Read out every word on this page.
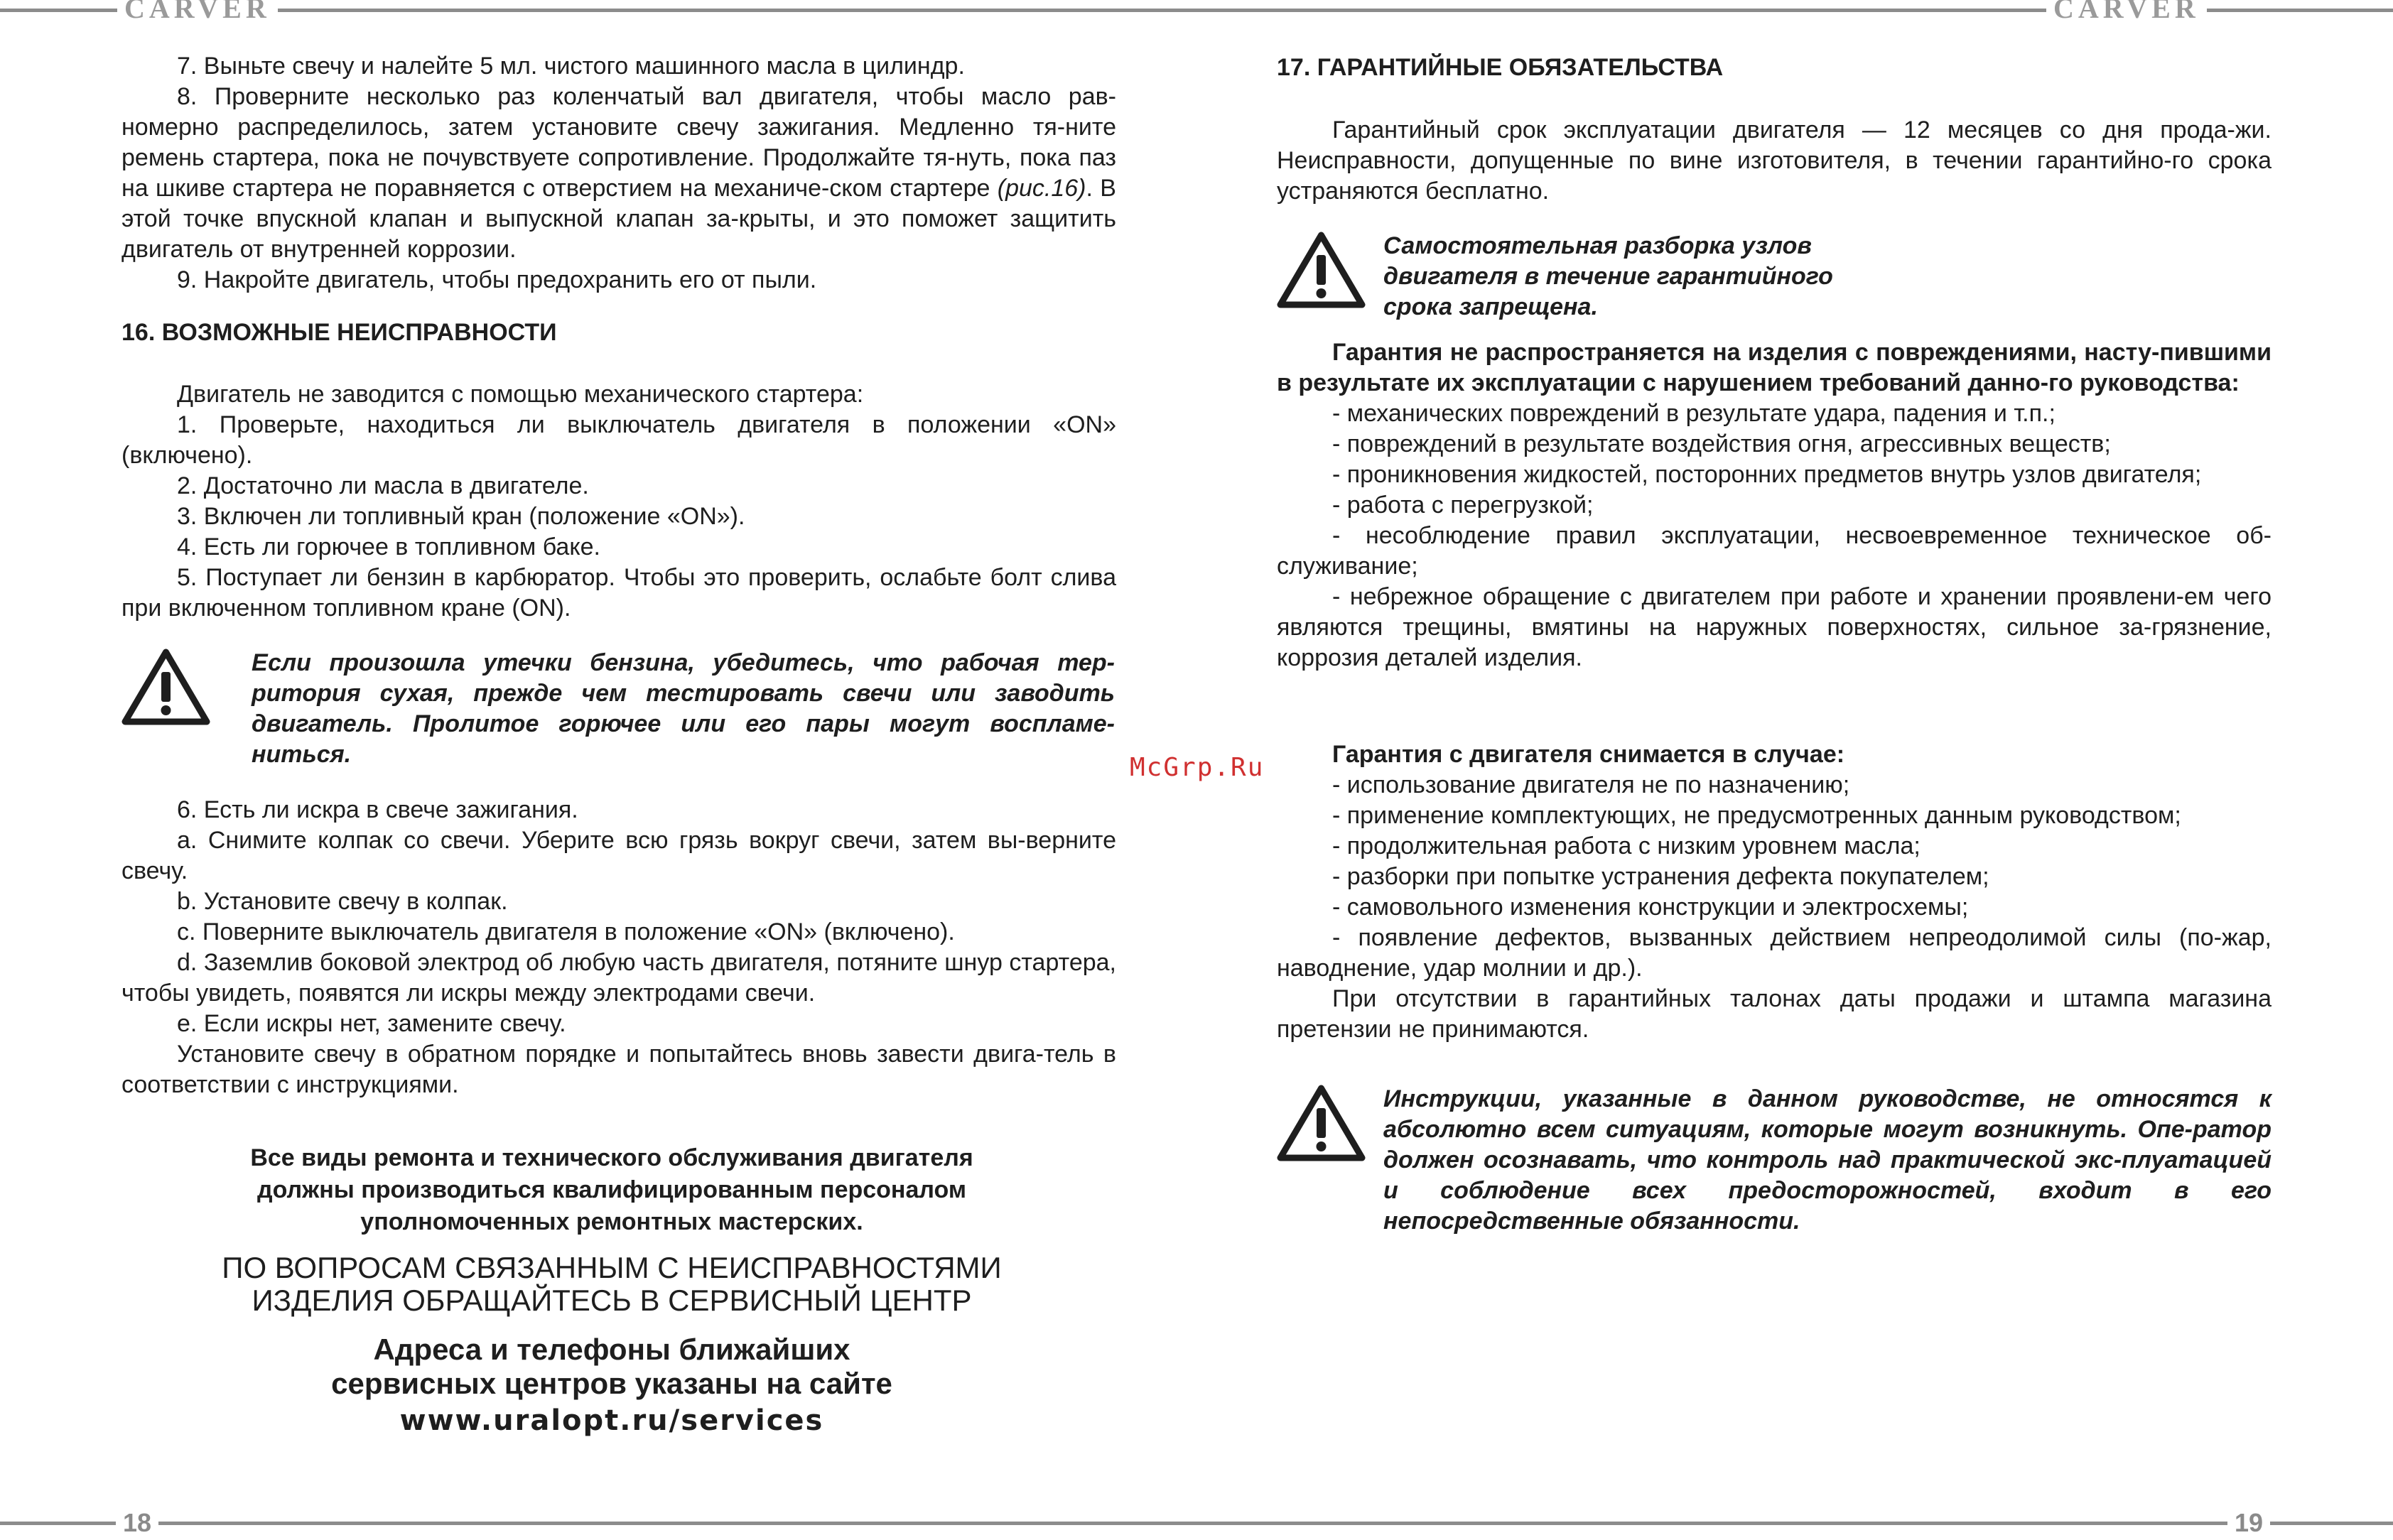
CARVER	CARVER
18	19
McGrp.Ru

7. Выньте свечу и налейте 5 мл. чистого машинного масла в цилиндр.

8. Проверните несколько раз коленчатый вал двигателя, чтобы масло рав-номерно распределилось, затем установите свечу зажигания. Медленно тя-ните ремень стартера, пока не почувствуете сопротивление. Продолжайте тя-нуть, пока паз на шкиве стартера не поравняется с отверстием на механиче-ском стартере (рис.16). В этой точке впускной клапан и выпускной клапан за-крыты, и это поможет защитить двигатель от внутренней коррозии.

9. Накройте двигатель, чтобы предохранить его от пыли.

16. ВОЗМОЖНЫЕ НЕИСПРАВНОСТИ

Двигатель не заводится с помощью механического стартера:

1. Проверьте, находиться ли выключатель двигателя в положении «ON» (включено).

2. Достаточно ли масла в двигателе.

3. Включен ли топливный кран (положение «ON»).

4. Есть ли горючее в топливном баке.

5. Поступает ли бензин в карбюратор. Чтобы это проверить, ослабьте болт слива при включенном топливном кране (ON).

Если произошла утечки бензина, убедитесь, что рабочая тер-ритория сухая, прежде чем тестировать свечи или заводить двигатель. Пролитое горючее или его пары могут воспламе-ниться.

6. Есть ли искра в свече зажигания.

a. Снимите колпак со свечи. Уберите всю грязь вокруг свечи, затем вы-верните свечу.

b. Установите свечу в колпак.

c. Поверните выключатель двигателя в положение «ON» (включено).

d. Заземлив боковой электрод об любую часть двигателя, потяните шнур стартера, чтобы увидеть, появятся ли искры между электродами свечи.

e. Если искры нет, замените свечу.

Установите свечу в обратном порядке и попытайтесь вновь завести двига-тель в соответствии с инструкциями.

Все виды ремонта и технического обслуживания двигателя
должны производиться квалифицированным персоналом
уполномоченных ремонтных мастерских.
ПО ВОПРОСАМ СВЯЗАННЫМ С НЕИСПРАВНОСТЯМИ
ИЗДЕЛИЯ ОБРАЩАЙТЕСЬ В СЕРВИСНЫЙ ЦЕНТР
Адреса и телефоны ближайших
сервисных центров указаны на сайте
www.uralopt.ru/services
17. ГАРАНТИЙНЫЕ ОБЯЗАТЕЛЬСТВА

Гарантийный срок эксплуатации двигателя — 12 месяцев со дня прода-жи. Неисправности, допущенные по вине изготовителя, в течении гарантийно-го срока устраняются бесплатно.

Самостоятельная разборка узлов двигателя в течение гарантийного срока запрещена.

Гарантия не распространяется на изделия с повреждениями, насту-пившими в результате их эксплуатации с нарушением требований данно-го руководства:

- механических повреждений в результате удара, падения и т.п.;

- повреждений в результате воздействия огня, агрессивных веществ;

- проникновения жидкостей, посторонних предметов внутрь узлов двигателя;

- работа с перегрузкой;

- несоблюдение правил эксплуатации, несвоевременное техническое об-служивание;

- небрежное обращение с двигателем при работе и хранении проявлени-ем чего являются трещины, вмятины на наружных поверхностях, сильное за-грязнение, коррозия деталей изделия.

Гарантия с двигателя снимается в случае:

- использование двигателя не по назначению;

- применение комплектующих, не предусмотренных данным руководством;

- продолжительная работа с низким уровнем масла;

- разборки при попытке устранения дефекта покупателем;

- самовольного изменения конструкции и электросхемы;

- появление дефектов, вызванных действием непреодолимой силы (по-жар, наводнение, удар молнии и др.).

При отсутствии в гарантийных талонах даты продажи и штампа магазина претензии не принимаются.

Инструкции, указанные в данном руководстве, не относятся к абсолютно всем ситуациям, которые могут возникнуть. Опе-ратор должен осознавать, что контроль над практической экс-плуатацией и соблюдение всех предосторожностей, входит в его непосредственные обязанности.
